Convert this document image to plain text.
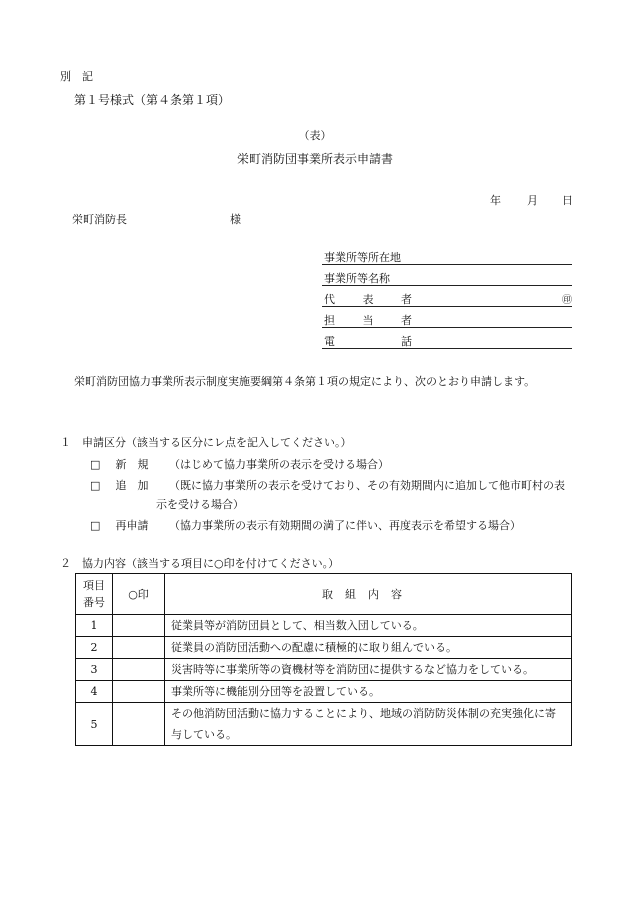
別　記
第１号様式（第４条第１項）
（表）
栄町消防団事業所表示申請書
年 月 日
栄町消防長	様
事業所等所在地
事業所等名称
代表者	㊞
担当者
電話
栄町消防団協力事業所表示制度実施要綱第４条第１項の規定により、次のとおり申請します。
１　申請区分（該当する区分にレ点を記入してください。）
□ 新　規 （はじめて協力事業所の表示を受ける場合）
□ 追　加 （既に協力事業所の表示を受けており、その有効期間内に追加して他市町村の表
示を受ける場合）
□ 再申請 （協力事業所の表示有効期間の満了に伴い、再度表示を希望する場合）
２　協力内容（該当する項目に○印を付けてください。）
項目
番号	○印	取組内容
1		従業員等が消防団員として、相当数入団している。
2		従業員の消防団活動への配慮に積極的に取り組んでいる。
3		災害時等に事業所等の資機材等を消防団に提供するなど協力をしている。
4		事業所等に機能別分団等を設置している。
5		その他消防団活動に協力することにより、地域の消防防災体制の充実強化に寄与している。
